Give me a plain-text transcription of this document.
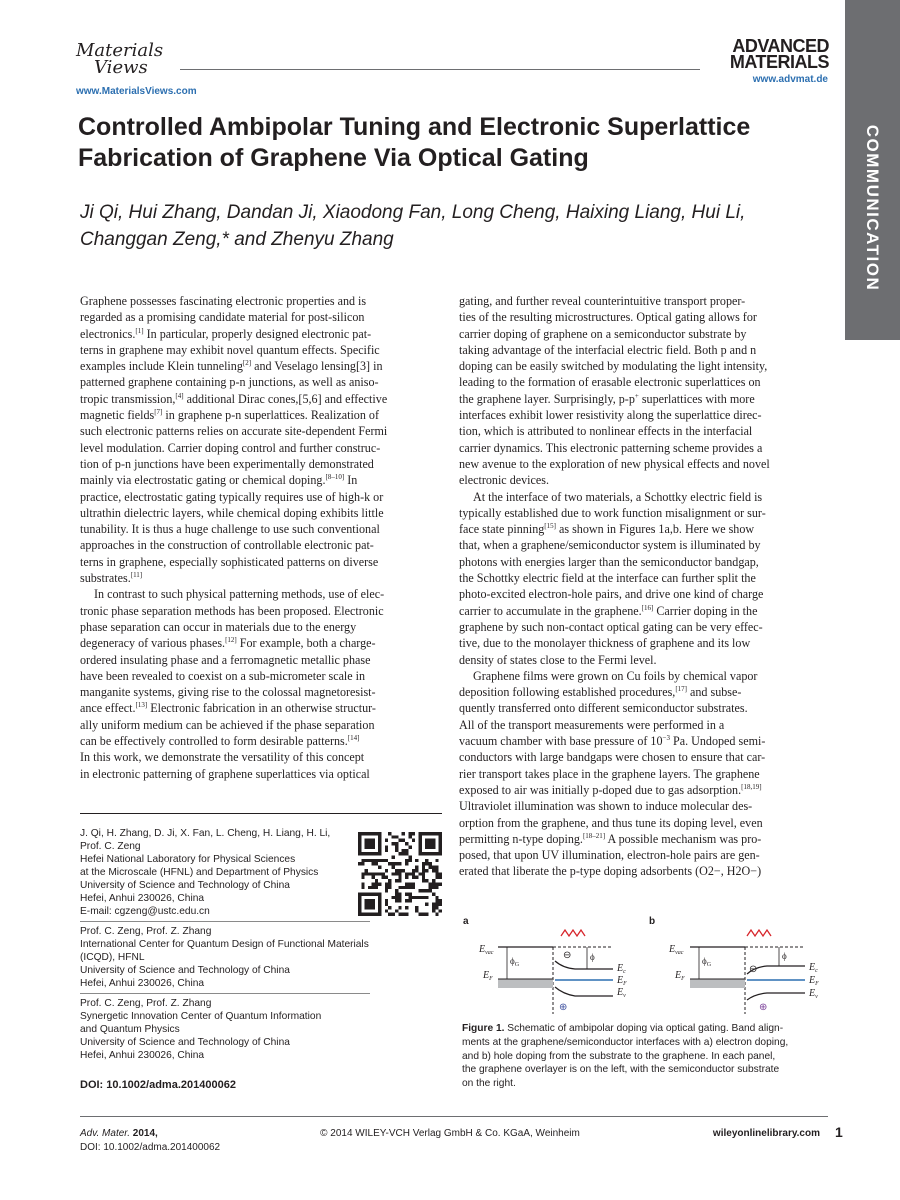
Materials
Views
www.MaterialsViews.com
ADVANCED
MATERIALS
www.advmat.de
COMMUNICATION
Controlled Ambipolar Tuning and Electronic Superlattice
Fabrication of Graphene Via Optical Gating
Ji Qi, Hui Zhang, Dandan Ji, Xiaodong Fan, Long Cheng, Haixing Liang, Hui Li,
Changgan Zeng,* and Zhenyu Zhang
Graphene possesses fascinating electronic properties and is
regarded as a promising candidate material for post-silicon
electronics.[1] In particular, properly designed electronic pat-
terns in graphene may exhibit novel quantum effects. Specific
examples include Klein tunneling[2] and Veselago lensing[3] in
patterned graphene containing p-n junctions, as well as aniso-
tropic transmission,[4] additional Dirac cones,[5,6] and effective
magnetic fields[7] in graphene p-n superlattices. Realization of
such electronic patterns relies on accurate site-dependent Fermi
level modulation. Carrier doping control and further construc-
tion of p-n junctions have been experimentally demonstrated
mainly via electrostatic gating or chemical doping.[8–10] In
practice, electrostatic gating typically requires use of high-k or
ultrathin dielectric layers, while chemical doping exhibits little
tunability. It is thus a huge challenge to use such conventional
approaches in the construction of controllable electronic pat-
terns in graphene, especially sophisticated patterns on diverse
substrates.[11]
In contrast to such physical patterning methods, use of elec-
tronic phase separation methods has been proposed. Electronic
phase separation can occur in materials due to the energy
degeneracy of various phases.[12] For example, both a charge-
ordered insulating phase and a ferromagnetic metallic phase
have been revealed to coexist on a sub-micrometer scale in
manganite systems, giving rise to the colossal magnetoresist-
ance effect.[13] Electronic fabrication in an otherwise structur-
ally uniform medium can be achieved if the phase separation
can be effectively controlled to form desirable patterns.[14]
In this work, we demonstrate the versatility of this concept
in electronic patterning of graphene superlattices via optical
gating, and further reveal counterintuitive transport proper-
ties of the resulting microstructures. Optical gating allows for
carrier doping of graphene on a semiconductor substrate by
taking advantage of the interfacial electric field. Both p and n
doping can be easily switched by modulating the light intensity,
leading to the formation of erasable electronic superlattices on
the graphene layer. Surprisingly, p-p+ superlattices with more
interfaces exhibit lower resistivity along the superlattice direc-
tion, which is attributed to nonlinear effects in the interfacial
carrier dynamics. This electronic patterning scheme provides a
new avenue to the exploration of new physical effects and novel
electronic devices.
At the interface of two materials, a Schottky electric field is
typically established due to work function misalignment or sur-
face state pinning[15] as shown in Figures 1a,b. Here we show
that, when a graphene/semiconductor system is illuminated by
photons with energies larger than the semiconductor bandgap,
the Schottky electric field at the interface can further split the
photo-excited electron-hole pairs, and drive one kind of charge
carrier to accumulate in the graphene.[16] Carrier doping in the
graphene by such non-contact optical gating can be very effec-
tive, due to the monolayer thickness of graphene and its low
density of states close to the Fermi level.
Graphene films were grown on Cu foils by chemical vapor
deposition following established procedures,[17] and subse-
quently transferred onto different semiconductor substrates.
All of the transport measurements were performed in a
vacuum chamber with base pressure of $10^{-3}$ Pa. Undoped semi-
conductors with large bandgaps were chosen to ensure that car-
rier transport takes place in the graphene layers. The graphene
exposed to air was initially p-doped due to gas adsorption.[18,19]
Ultraviolet illumination was shown to induce molecular des-
orption from the graphene, and thus tune its doping level, even
permitting n-type doping.[18–21] A possible mechanism was pro-
posed, that upon UV illumination, electron-hole pairs are gen-
erated that liberate the p-type doping adsorbents (O2−, H2O−)
J. Qi, H. Zhang, D. Ji, X. Fan, L. Cheng, H. Liang, H. Li,
Prof. C. Zeng
Hefei National Laboratory for Physical Sciences
at the Microscale (HFNL) and Department of Physics
University of Science and Technology of China
Hefei, Anhui 230026, China
E-mail: cgzeng@ustc.edu.cn
Prof. C. Zeng, Prof. Z. Zhang
International Center for Quantum Design of Functional Materials
(ICQD), HFNL
University of Science and Technology of China
Hefei, Anhui 230026, China
Prof. C. Zeng, Prof. Z. Zhang
Synergetic Innovation Center of Quantum Information
and Quantum Physics
University of Science and Technology of China
Hefei, Anhui 230026, China
DOI: 10.1002/adma.201400062
a
$E_{vac}$
$E_F$
$\phi_G$
ϕ
⊖
⊕
$E_c$
$E_F$
$E_v$
b
$E_{vac}$
$E_F$
$\phi_G$
ϕ
⊖
⊕
$E_c$
$E_F$
$E_v$
Figure 1. Schematic of ambipolar doping via optical gating. Band align-
ments at the graphene/semiconductor interfaces with a) electron doping,
and b) hole doping from the substrate to the graphene. In each panel,
the graphene overlayer is on the left, with the semiconductor substrate
on the right.
Adv. Mater. 2014,
DOI: 10.1002/adma.201400062
© 2014 WILEY-VCH Verlag GmbH & Co. KGaA, Weinheim	wileyonlinelibrary.com 1
